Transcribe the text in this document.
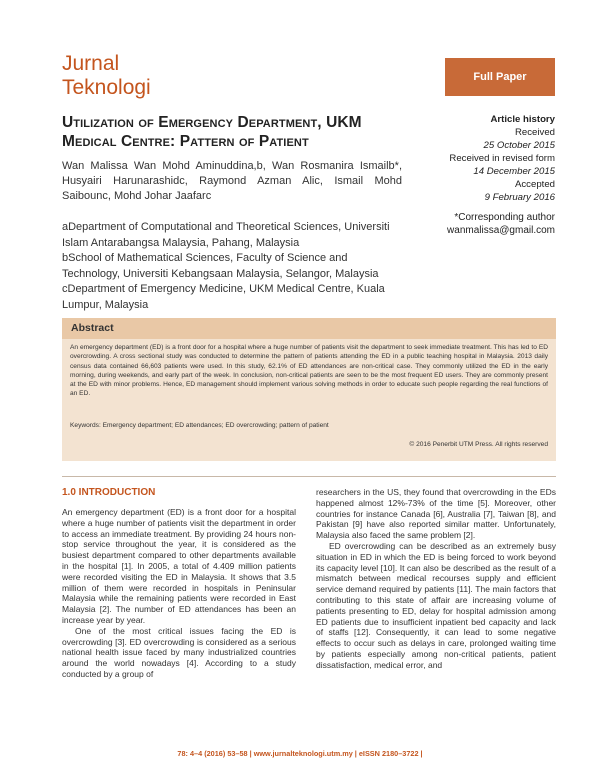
Jurnal
Teknologi	Full Paper
Utilization of Emergency Department, UKM Medical Centre: Pattern of Patient
Wan Malissa Wan Mohd Aminuddina,b, Wan Rosmanira Ismailb*, Husyairi Harunarashidc, Raymond Azman Alic, Ismail Mohd Saibounc, Mohd Johar Jaafarc
aDepartment of Computational and Theoretical Sciences, Universiti Islam Antarabangsa Malaysia, Pahang, Malaysia
bSchool of Mathematical Sciences, Faculty of Science and Technology, Universiti Kebangsaan Malaysia, Selangor, Malaysia
cDepartment of Emergency Medicine, UKM Medical Centre, Kuala Lumpur, Malaysia
Article history
Received
25 October 2015
Received in revised form
14 December 2015
Accepted
9 February 2016
*Corresponding author
wanmalissa@gmail.com
Abstract
An emergency department (ED) is a front door for a hospital where a huge number of patients visit the department to seek immediate treatment. This has led to ED overcrowding. A cross sectional study was conducted to determine the pattern of patients attending the ED in a public teaching hospital in Malaysia. 2013 daily census data contained 66,603 patients were used. In this study, 62.1% of ED attendances are non-critical case. They commonly utilized the ED in the early morning, during weekends, and early part of the week. In conclusion, non-critical patients are seen to be the most frequent ED users. They are commonly present at the ED with minor problems. Hence, ED management should implement various solving methods in order to educate such people regarding the real functions of an ED.
Keywords: Emergency department; ED attendances; ED overcrowding; pattern of patient
© 2016 Penerbit UTM Press. All rights reserved
1.0 INTRODUCTION

An emergency department (ED) is a front door for a hospital where a huge number of patients visit the department in order to access an immediate treatment. By providing 24 hours non-stop service throughout the year, it is considered as the busiest department compared to other departments available in the hospital [1]. In 2005, a total of 4.409 million patients were recorded visiting the ED in Malaysia. It shows that 3.5 million of them were recorded in hospitals in Peninsular Malaysia while the remaining patients were recorded in East Malaysia [2]. The number of ED attendances has been an increase year by year.

One of the most critical issues facing the ED is overcrowding [3]. ED overcrowding is considered as a serious national health issue faced by many industrialized countries around the world nowadays [4]. According to a study conducted by a group of

researchers in the US, they found that overcrowding in the EDs happened almost 12%-73% of the time [5]. Moreover, other countries for instance Canada [6], Australia [7], Taiwan [8], and Pakistan [9] have also reported similar matter. Unfortunately, Malaysia also faced the same problem [2].

ED overcrowding can be described as an extremely busy situation in ED in which the ED is being forced to work beyond its capacity level [10]. It can also be described as the result of a mismatch between medical recourses supply and efficient service demand required by patients [11]. The main factors that contributing to this state of affair are increasing volume of patients presenting to ED, delay for hospital admission among ED patients due to insufficient inpatient bed capacity and lack of staffs [12]. Consequently, it can lead to some negative effects to occur such as delays in care, prolonged waiting time by patients especially among non-critical patients, patient dissatisfaction, medical error, and

78: 4–4 (2016) 53–58 | www.jurnalteknologi.utm.my | eISSN 2180–3722 |
